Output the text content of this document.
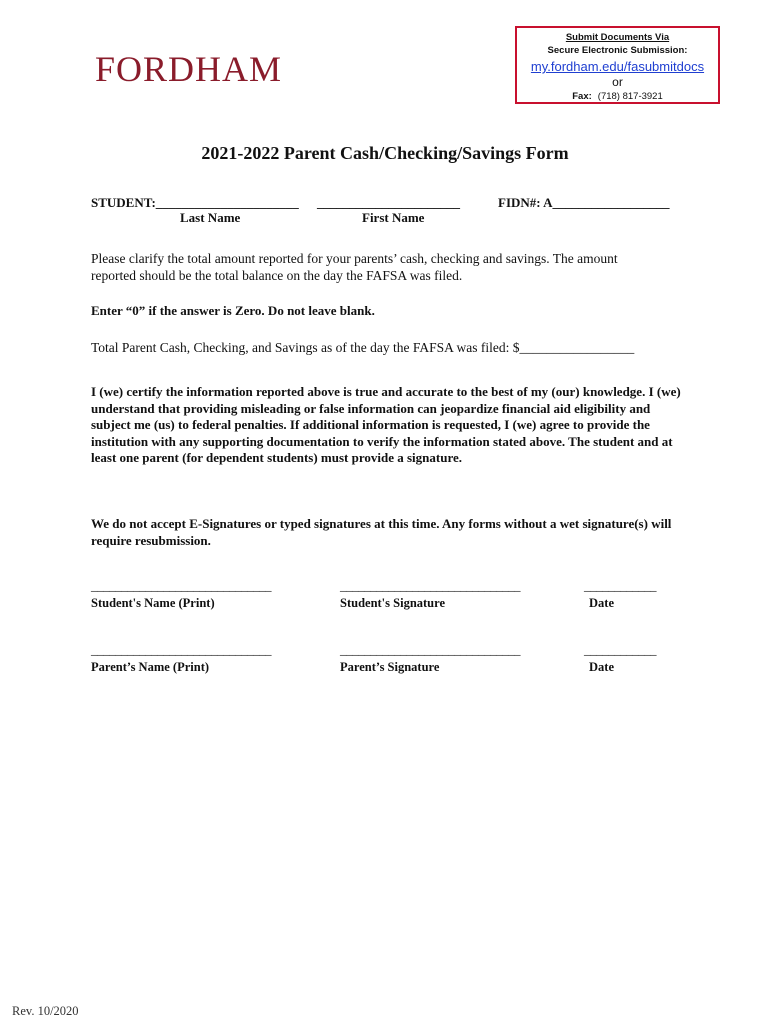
FORDHAM
Submit Documents Via
Secure Electronic Submission:
my.fordham.edu/fasubmitdocs
or
Fax: (718) 817-3921
2021-2022 Parent Cash/Checking/Savings Form
STUDENT:______________________ ______________________	FIDN#: A__________________
Last Name	First Name
Please clarify the total amount reported for your parents’ cash, checking and savings. The amount
reported should be the total balance on the day the FAFSA was filed.
Enter “0” if the answer is Zero. Do not leave blank.
Total Parent Cash, Checking, and Savings as of the day the FAFSA was filed: $_________________
I (we) certify the information reported above is true and accurate to the best of my (our) knowledge. I (we) understand that providing misleading or false information can jeopardize financial aid eligibility and subject me (us) to federal penalties. If additional information is requested, I (we) agree to provide the institution with any supporting documentation to verify the information stated above. The student and at least one parent (for dependent students) must provide a signature.
We do not accept E-Signatures or typed signatures at this time. Any forms without a wet signature(s) will require resubmission.
______________________________	______________________________	____________
Student's Name (Print)	Student's Signature	Date
______________________________	______________________________	____________
Parent’s Name (Print)	Parent’s Signature	Date
Rev. 10/2020
